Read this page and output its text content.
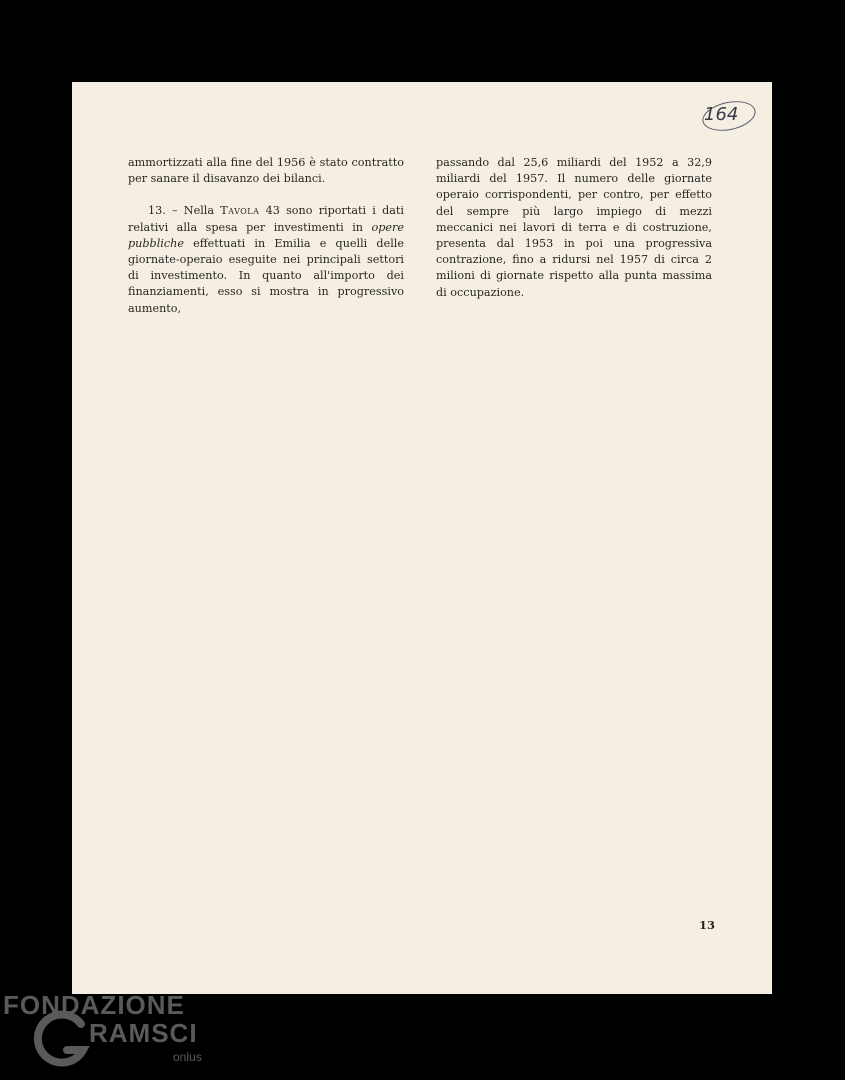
164

ammortizzati alla fine del 1956 è stato contratto per sanare il disavanzo dei bilanci.

13. – Nella Tavola 43 sono riportati i dati relativi alla spesa per investimenti in opere pubbliche effettuati in Emilia e quelli delle giornate-operaio eseguite nei principali settori di investimento. In quanto all'importo dei finanziamenti, esso si mostra in progressivo aumento,

passando dal 25,6 miliardi del 1952 a 32,9 miliardi del 1957. Il numero delle giornate operaio corrispondenti, per contro, per effetto del sempre più largo impiego di mezzi meccanici nei lavori di terra e di costruzione, presenta dal 1953 in poi una progressiva contrazione, fino a ridursi nel 1957 di circa 2 milioni di giornate rispetto alla punta massima di occupazione.

13
FONDAZIONE
RAMSCI
onlus
